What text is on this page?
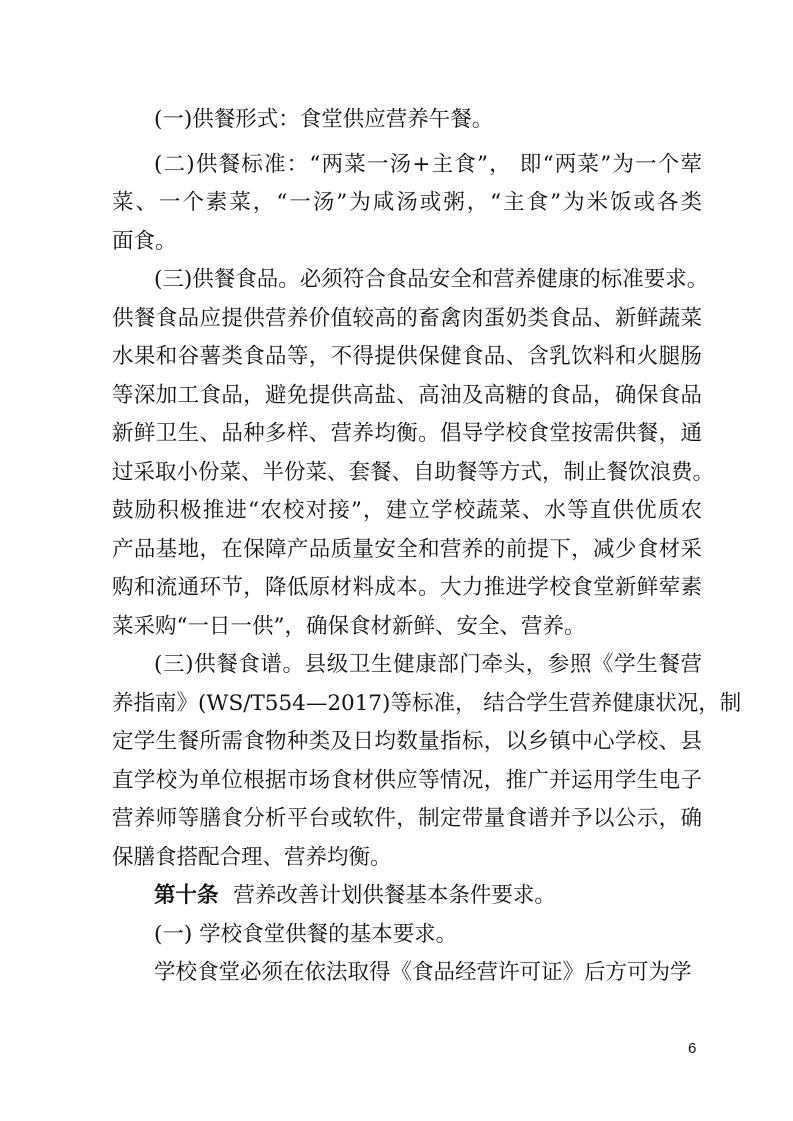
(一)供餐形式：食堂供应营养午餐。
(二)供餐标准：“两菜一汤+主食”， 即“两菜”为一个荤
菜、一个素菜，“一汤”为咸汤或粥，“主食”为米饭或各类
面食。
(三)供餐食品。必须符合食品安全和营养健康的标准要求。
供餐食品应提供营养价值较高的畜禽肉蛋奶类食品、新鲜蔬菜
水果和谷薯类食品等，不得提供保健食品、含乳饮料和火腿肠
等深加工食品，避免提供高盐、高油及高糖的食品，确保食品
新鲜卫生、品种多样、营养均衡。倡导学校食堂按需供餐，通
过采取小份菜、半份菜、套餐、自助餐等方式，制止餐饮浪费。
鼓励积极推进“农校对接”，建立学校蔬菜、水等直供优质农
产品基地，在保障产品质量安全和营养的前提下，减少食材采
购和流通环节，降低原材料成本。大力推进学校食堂新鲜荤素
菜采购“一日一供”，确保食材新鲜、安全、营养。
(三)供餐食谱。县级卫生健康部门牵头，参照《学生餐营
养指南》(WS/T554—2017)等标准， 结合学生营养健康状况，制
定学生餐所需食物种类及日均数量指标，以乡镇中心学校、县
直学校为单位根据市场食材供应等情况，推广并运用学生电子
营养师等膳食分析平台或软件，制定带量食谱并予以公示，确
保膳食搭配合理、营养均衡。
第十条 营养改善计划供餐基本条件要求。
(一) 学校食堂供餐的基本要求。
学校食堂必须在依法取得《食品经营许可证》后方可为学
6
